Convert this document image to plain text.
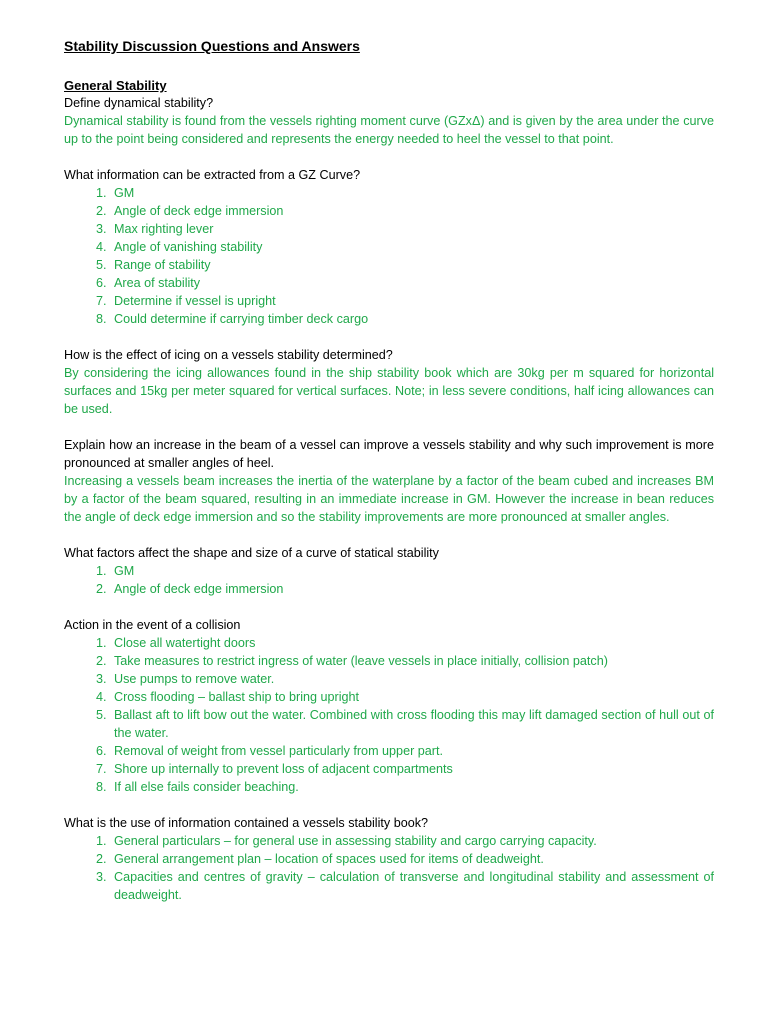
Stability Discussion Questions and Answers
General Stability

Define dynamical stability?

Dynamical stability is found from the vessels righting moment curve (GZxΔ) and is given by the area under the curve up to the point being considered and represents the energy needed to heel the vessel to that point.

What information can be extracted from a GZ Curve?

1. GM
2. Angle of deck edge immersion
3. Max righting lever
4. Angle of vanishing stability
5. Range of stability
6. Area of stability
7. Determine if vessel is upright
8. Could determine if carrying timber deck cargo

How is the effect of icing on a vessels stability determined?

By considering the icing allowances found in the ship stability book which are 30kg per m squared for horizontal surfaces and 15kg per meter squared for vertical surfaces. Note; in less severe conditions, half icing allowances can be used.

Explain how an increase in the beam of a vessel can improve a vessels stability and why such improvement is more pronounced at smaller angles of heel.

Increasing a vessels beam increases the inertia of the waterplane by a factor of the beam cubed and increases BM by a factor of the beam squared, resulting in an immediate increase in GM. However the increase in bean reduces the angle of deck edge immersion and so the stability improvements are more pronounced at smaller angles.

What factors affect the shape and size of a curve of statical stability

1. GM
2. Angle of deck edge immersion

Action in the event of a collision

1. Close all watertight doors
2. Take measures to restrict ingress of water (leave vessels in place initially, collision patch)
3. Use pumps to remove water.
4. Cross flooding – ballast ship to bring upright
5. Ballast aft to lift bow out the water. Combined with cross flooding this may lift damaged section of hull out of the water.
6. Removal of weight from vessel particularly from upper part.
7. Shore up internally to prevent loss of adjacent compartments
8. If all else fails consider beaching.

What is the use of information contained a vessels stability book?

1. General particulars – for general use in assessing stability and cargo carrying capacity.
2. General arrangement plan – location of spaces used for items of deadweight.
3. Capacities and centres of gravity – calculation of transverse and longitudinal stability and assessment of deadweight.
